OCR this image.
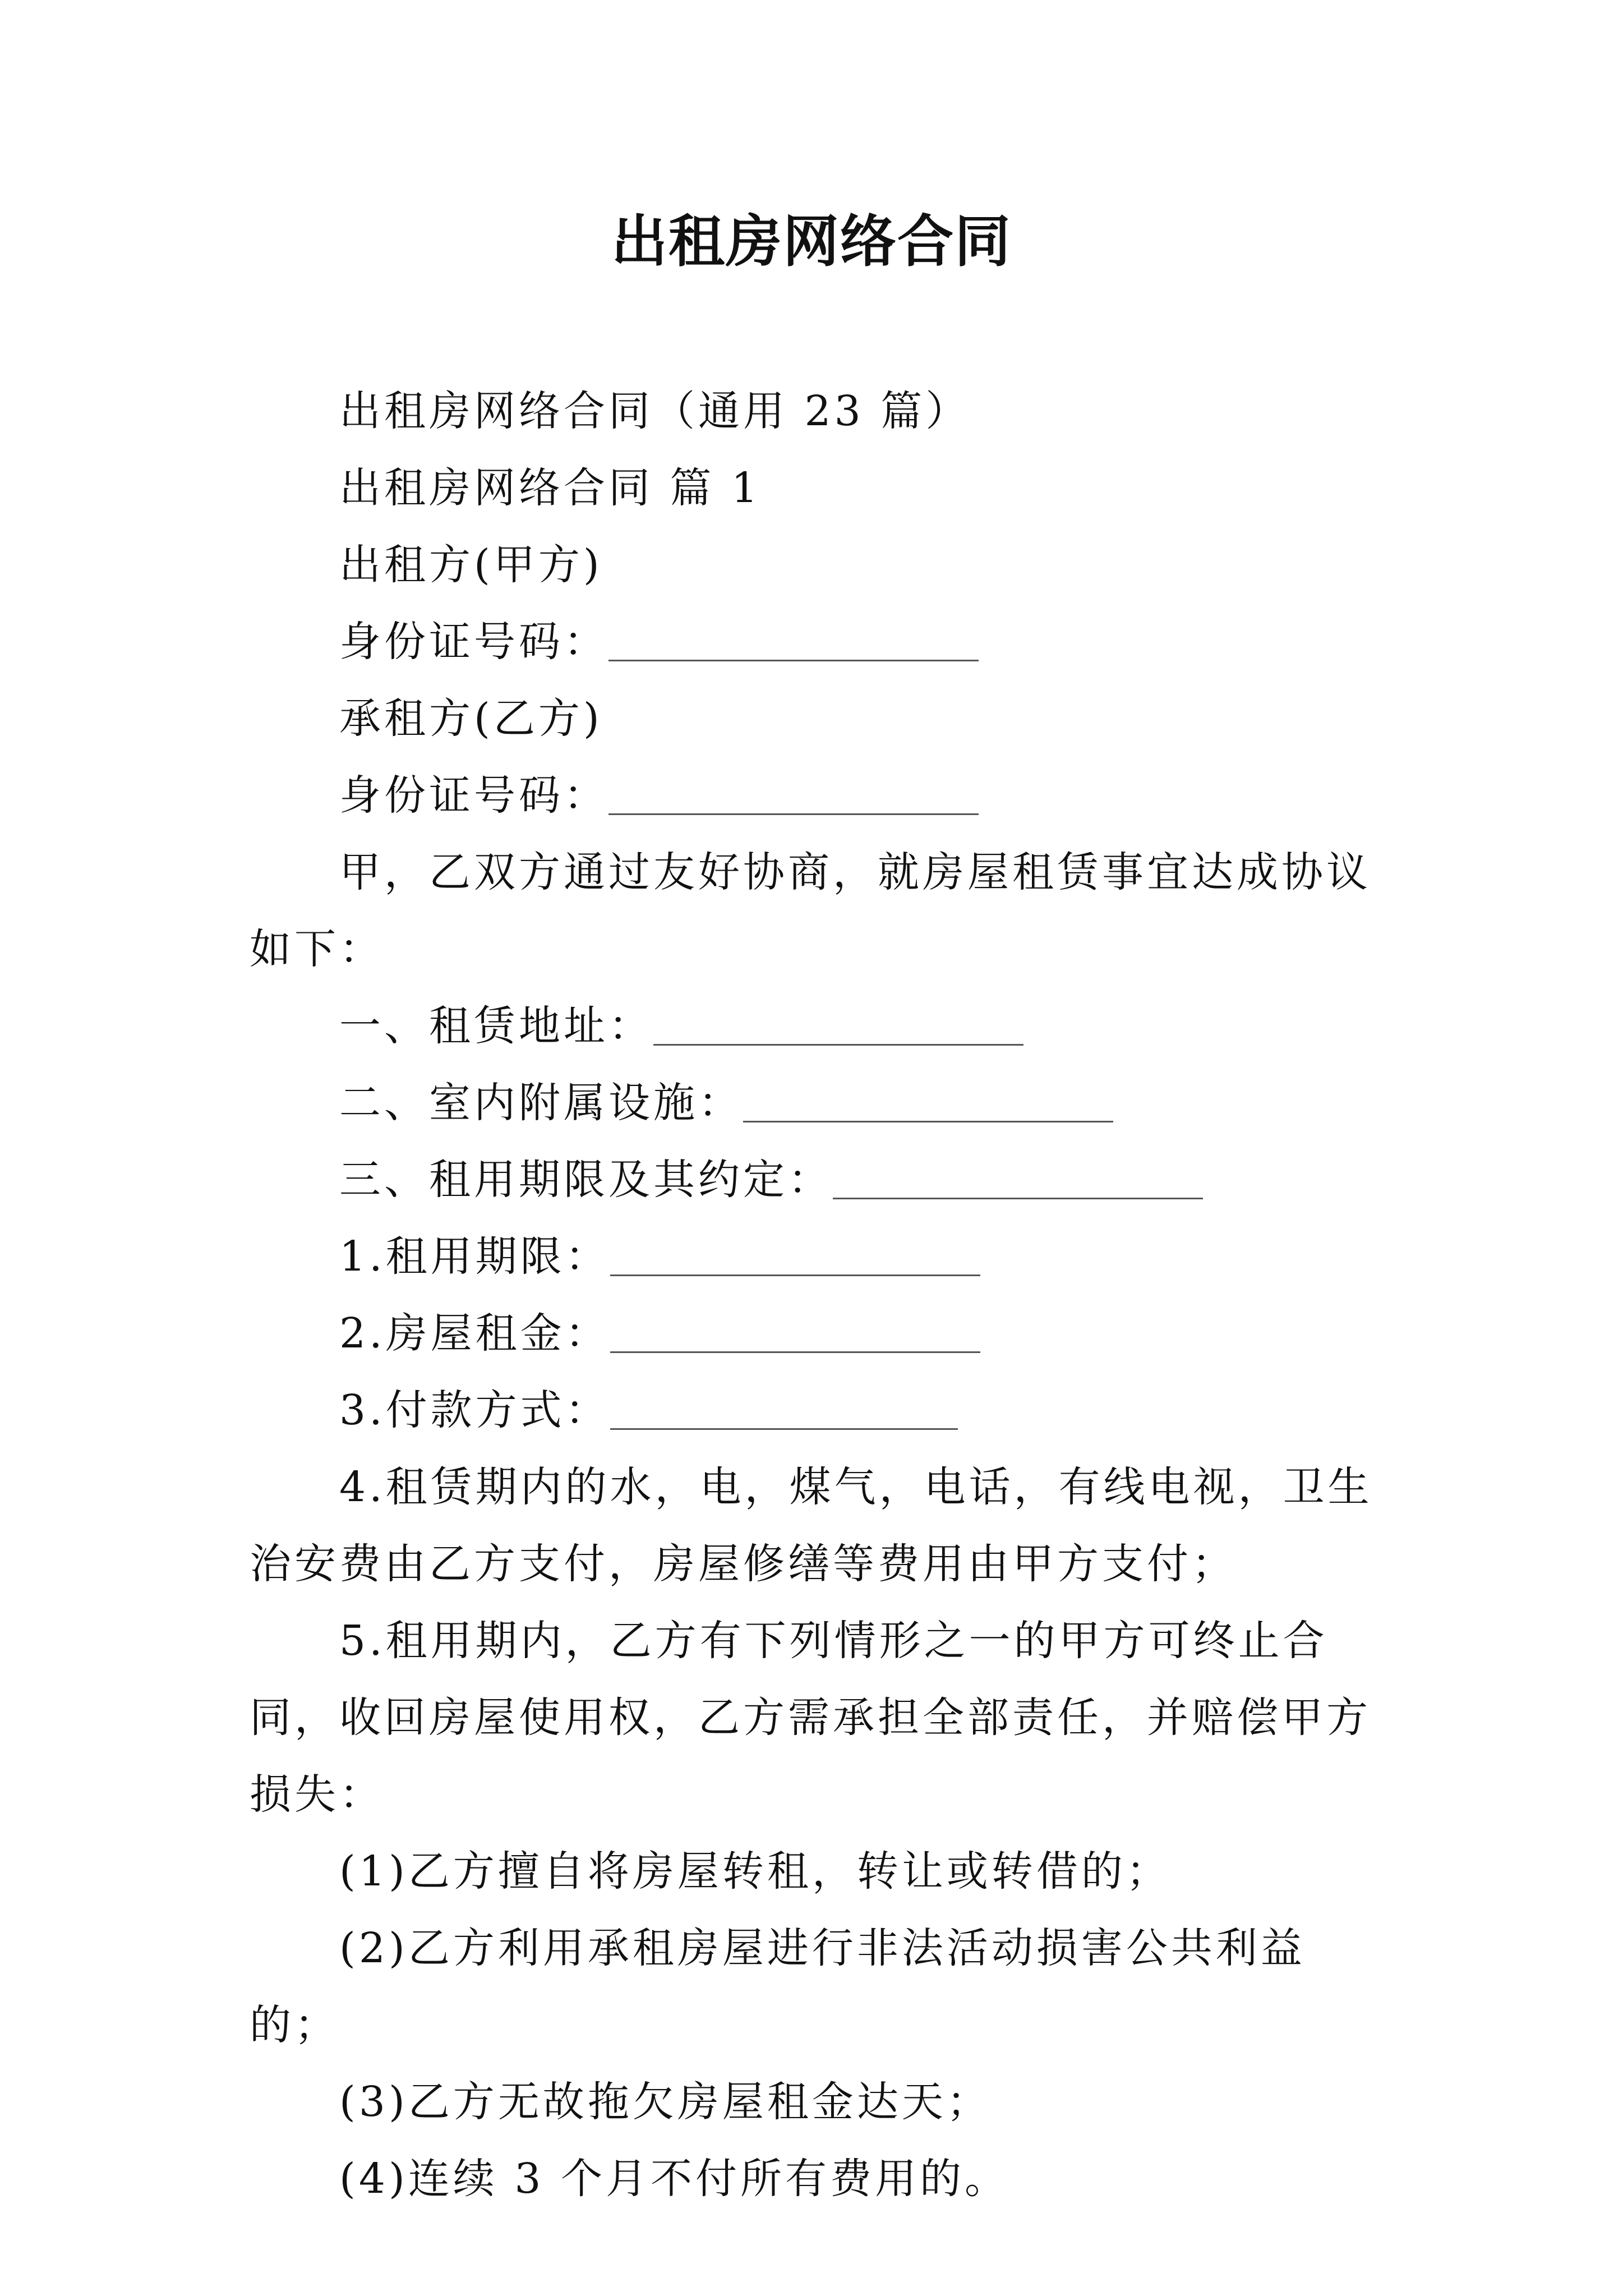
出租房网络合同

出租房网络合同（通用 23 篇）

出租房网络合同 篇 1

出租方(甲方)

身份证号码：

承租方(乙方)

身份证号码：

甲，乙双方通过友好协商，就房屋租赁事宜达成协议如下：

一、租赁地址：

二、室内附属设施：

三、租用期限及其约定：

1.租用期限：

2.房屋租金：

3.付款方式：

4.租赁期内的水，电，煤气，电话，有线电视，卫生治安费由乙方支付，房屋修缮等费用由甲方支付；

5.租用期内，乙方有下列情形之一的甲方可终止合同，收回房屋使用权，乙方需承担全部责任，并赔偿甲方损失：

(1)乙方擅自将房屋转租，转让或转借的；

(2)乙方利用承租房屋进行非法活动损害公共利益的；

(3)乙方无故拖欠房屋租金达天；

(4)连续 3 个月不付所有费用的。
